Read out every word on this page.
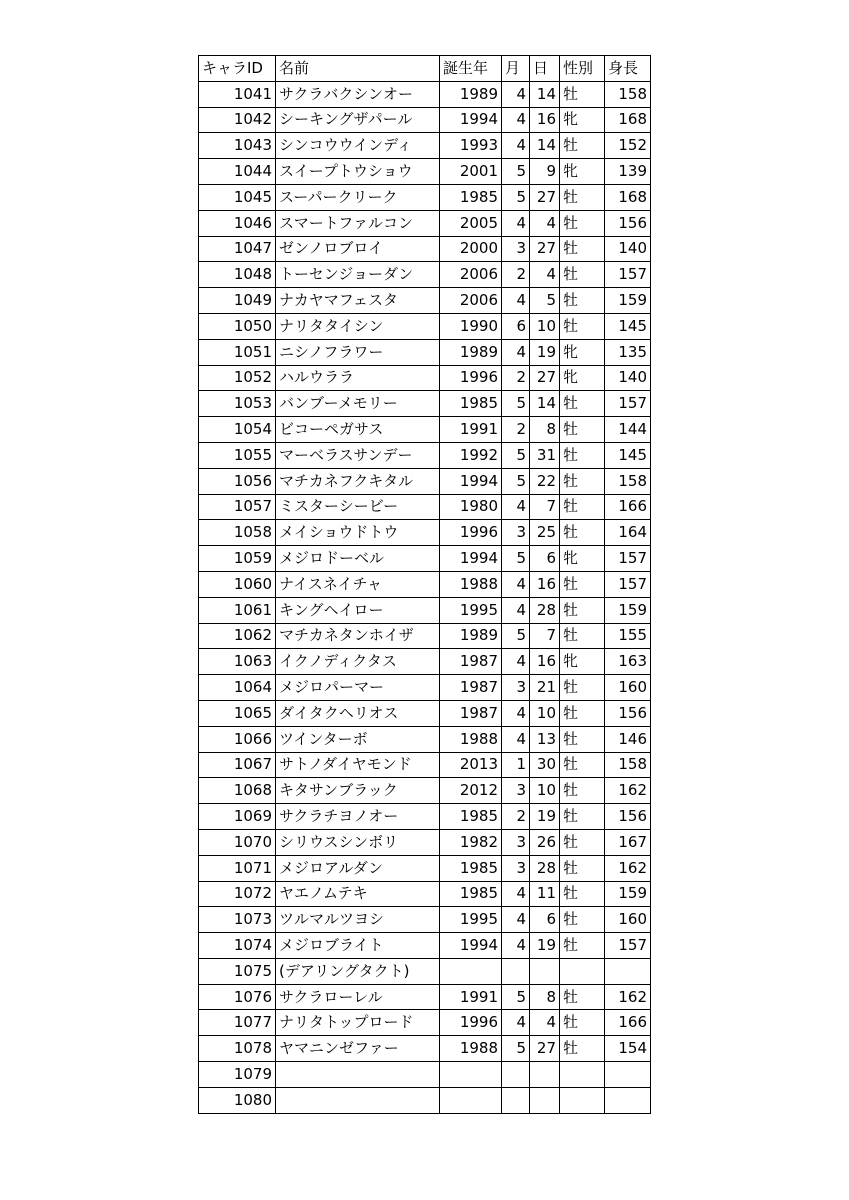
キャラID	名前	誕生年	月	日	性別	身長
1041	サクラバクシンオー	1989	4	14	牡	158
1042	シーキングザパール	1994	4	16	牝	168
1043	シンコウウインディ	1993	4	14	牡	152
1044	スイープトウショウ	2001	5	9	牝	139
1045	スーパークリーク	1985	5	27	牡	168
1046	スマートファルコン	2005	4	4	牡	156
1047	ゼンノロブロイ	2000	3	27	牡	140
1048	トーセンジョーダン	2006	2	4	牡	157
1049	ナカヤマフェスタ	2006	4	5	牡	159
1050	ナリタタイシン	1990	6	10	牡	145
1051	ニシノフラワー	1989	4	19	牝	135
1052	ハルウララ	1996	2	27	牝	140
1053	バンブーメモリー	1985	5	14	牡	157
1054	ビコーペガサス	1991	2	8	牡	144
1055	マーベラスサンデー	1992	5	31	牡	145
1056	マチカネフクキタル	1994	5	22	牡	158
1057	ミスターシービー	1980	4	7	牡	166
1058	メイショウドトウ	1996	3	25	牡	164
1059	メジロドーベル	1994	5	6	牝	157
1060	ナイスネイチャ	1988	4	16	牡	157
1061	キングヘイロー	1995	4	28	牡	159
1062	マチカネタンホイザ	1989	5	7	牡	155
1063	イクノディクタス	1987	4	16	牝	163
1064	メジロパーマー	1987	3	21	牡	160
1065	ダイタクヘリオス	1987	4	10	牡	156
1066	ツインターボ	1988	4	13	牡	146
1067	サトノダイヤモンド	2013	1	30	牡	158
1068	キタサンブラック	2012	3	10	牡	162
1069	サクラチヨノオー	1985	2	19	牡	156
1070	シリウスシンボリ	1982	3	26	牡	167
1071	メジロアルダン	1985	3	28	牡	162
1072	ヤエノムテキ	1985	4	11	牡	159
1073	ツルマルツヨシ	1995	4	6	牡	160
1074	メジロブライト	1994	4	19	牡	157
1075	(デアリングタクト)					
1076	サクラローレル	1991	5	8	牡	162
1077	ナリタトップロード	1996	4	4	牡	166
1078	ヤマニンゼファー	1988	5	27	牡	154
1079						
1080						
